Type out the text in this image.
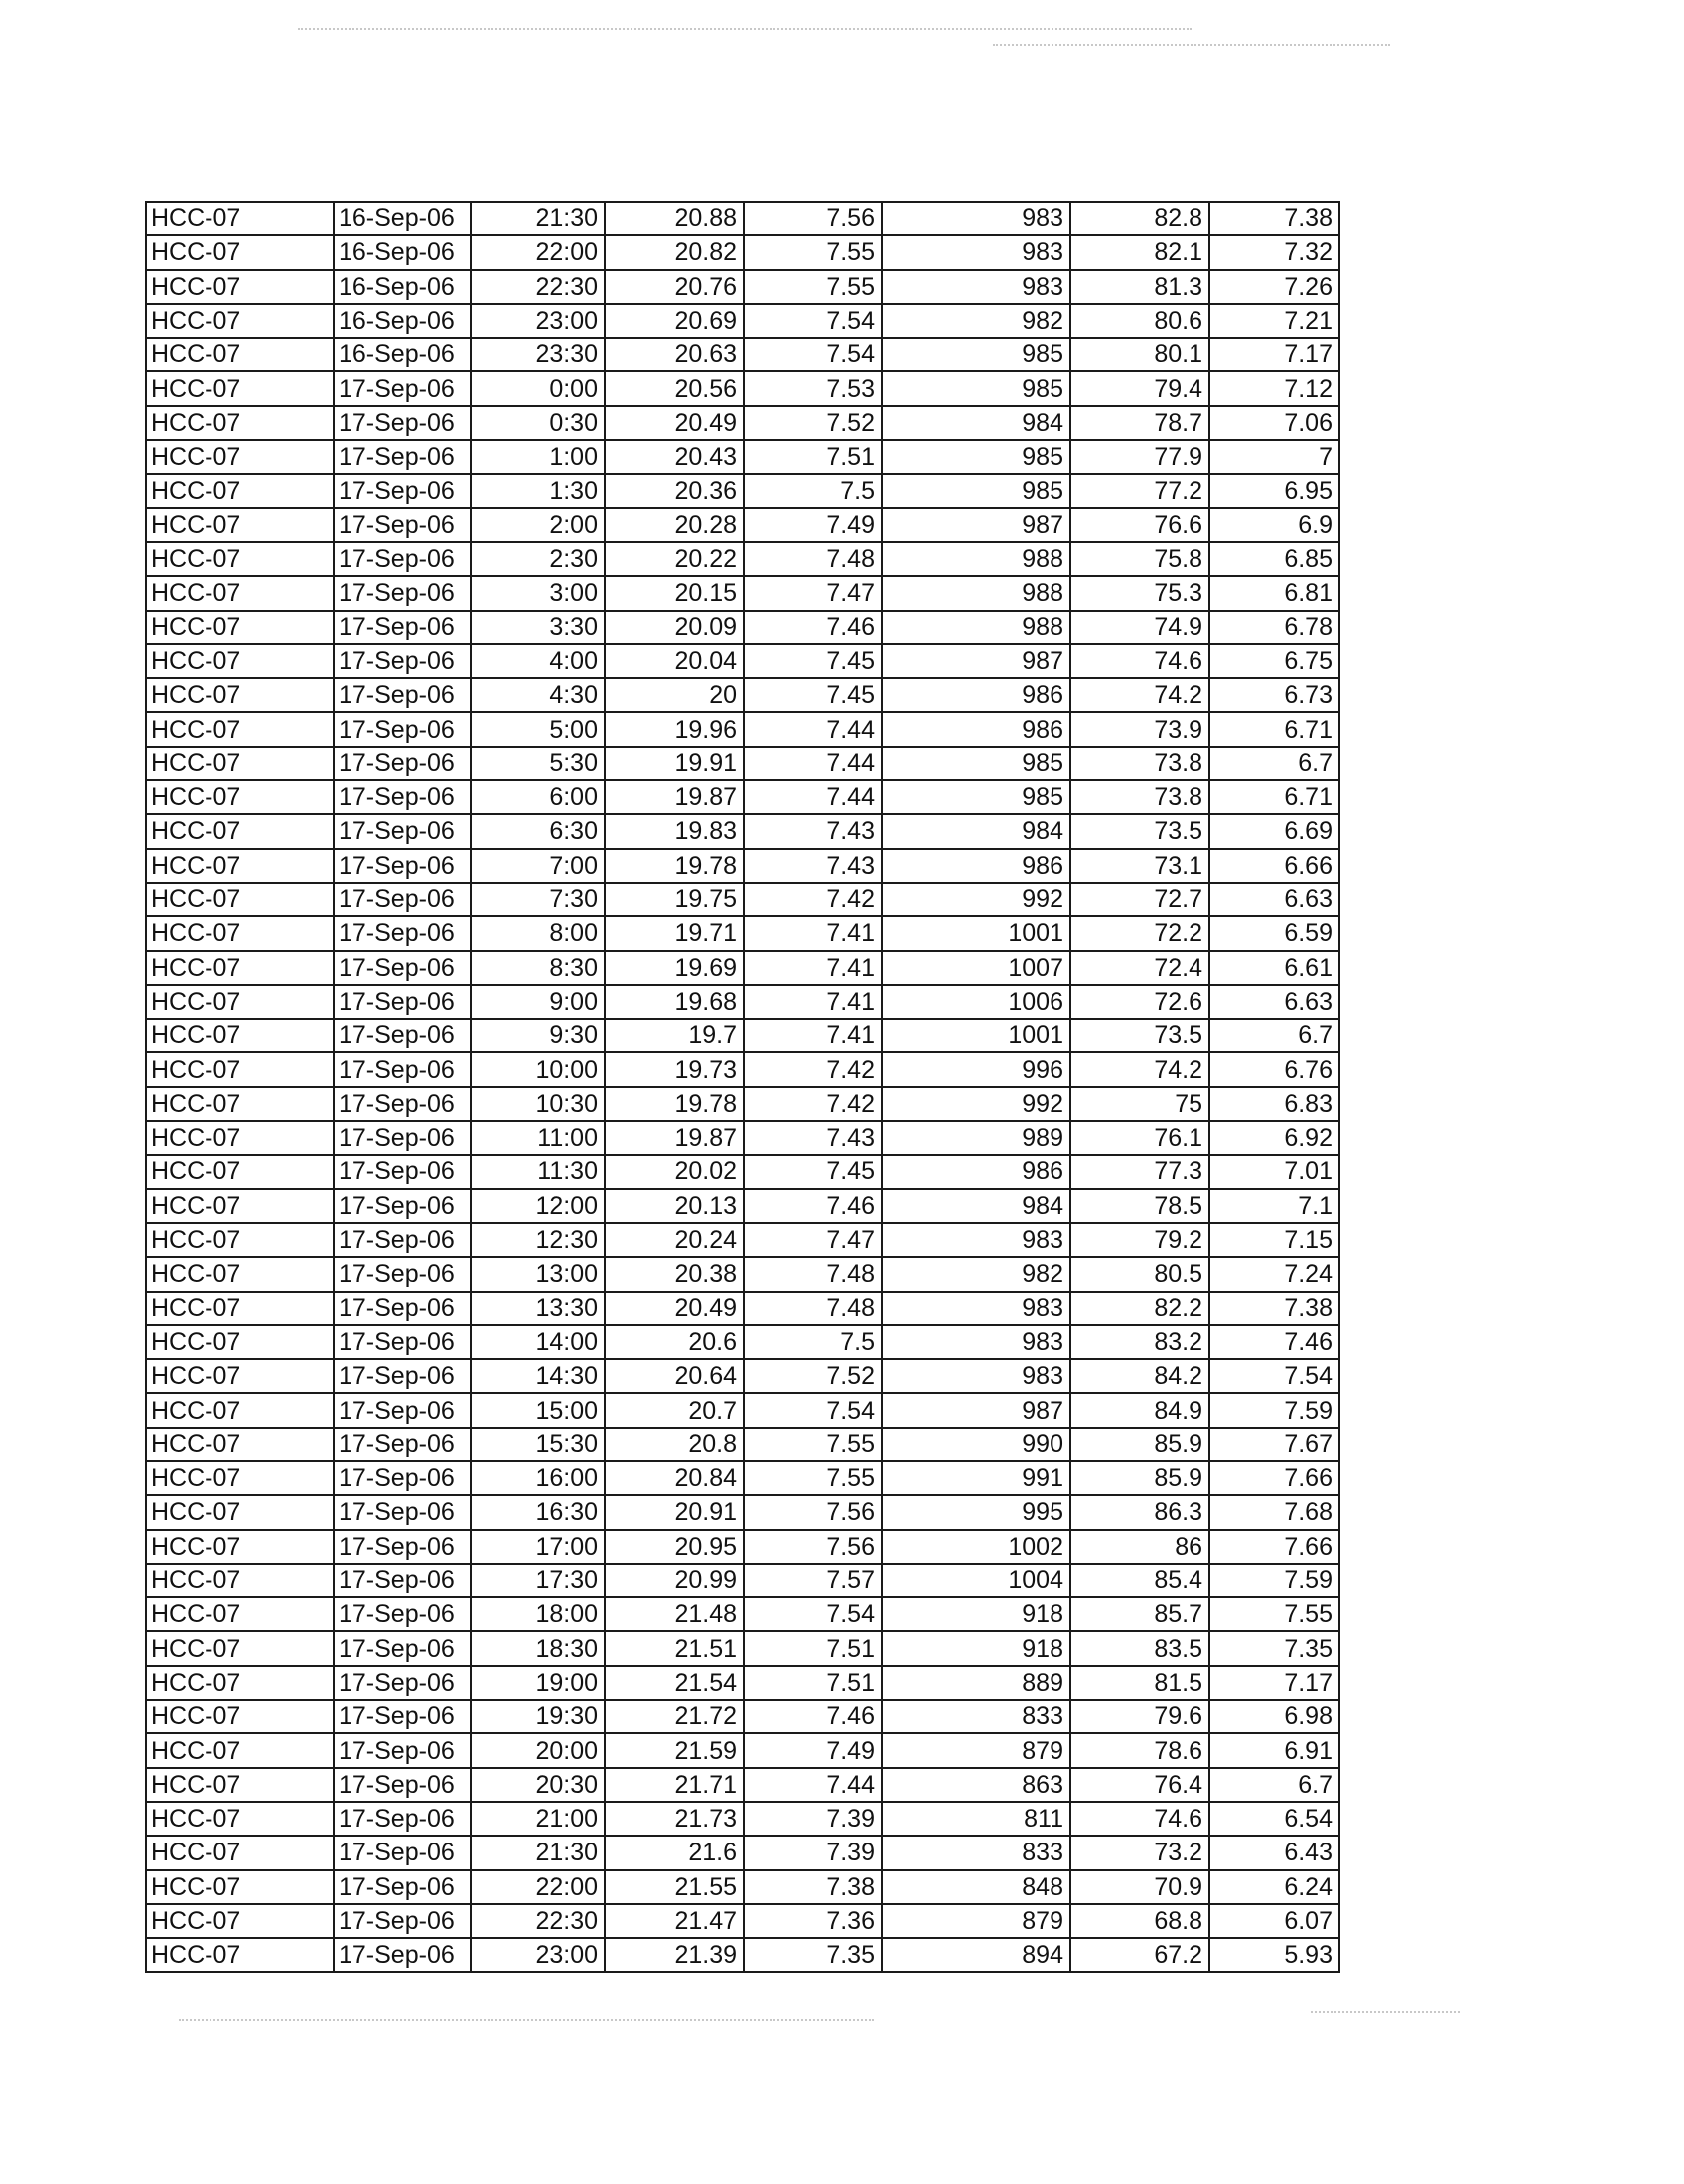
HCC-07	16-Sep-06	21:30	20.88	7.56	983	82.8	7.38
HCC-07	16-Sep-06	22:00	20.82	7.55	983	82.1	7.32
HCC-07	16-Sep-06	22:30	20.76	7.55	983	81.3	7.26
HCC-07	16-Sep-06	23:00	20.69	7.54	982	80.6	7.21
HCC-07	16-Sep-06	23:30	20.63	7.54	985	80.1	7.17
HCC-07	17-Sep-06	0:00	20.56	7.53	985	79.4	7.12
HCC-07	17-Sep-06	0:30	20.49	7.52	984	78.7	7.06
HCC-07	17-Sep-06	1:00	20.43	7.51	985	77.9	7
HCC-07	17-Sep-06	1:30	20.36	7.5	985	77.2	6.95
HCC-07	17-Sep-06	2:00	20.28	7.49	987	76.6	6.9
HCC-07	17-Sep-06	2:30	20.22	7.48	988	75.8	6.85
HCC-07	17-Sep-06	3:00	20.15	7.47	988	75.3	6.81
HCC-07	17-Sep-06	3:30	20.09	7.46	988	74.9	6.78
HCC-07	17-Sep-06	4:00	20.04	7.45	987	74.6	6.75
HCC-07	17-Sep-06	4:30	20	7.45	986	74.2	6.73
HCC-07	17-Sep-06	5:00	19.96	7.44	986	73.9	6.71
HCC-07	17-Sep-06	5:30	19.91	7.44	985	73.8	6.7
HCC-07	17-Sep-06	6:00	19.87	7.44	985	73.8	6.71
HCC-07	17-Sep-06	6:30	19.83	7.43	984	73.5	6.69
HCC-07	17-Sep-06	7:00	19.78	7.43	986	73.1	6.66
HCC-07	17-Sep-06	7:30	19.75	7.42	992	72.7	6.63
HCC-07	17-Sep-06	8:00	19.71	7.41	1001	72.2	6.59
HCC-07	17-Sep-06	8:30	19.69	7.41	1007	72.4	6.61
HCC-07	17-Sep-06	9:00	19.68	7.41	1006	72.6	6.63
HCC-07	17-Sep-06	9:30	19.7	7.41	1001	73.5	6.7
HCC-07	17-Sep-06	10:00	19.73	7.42	996	74.2	6.76
HCC-07	17-Sep-06	10:30	19.78	7.42	992	75	6.83
HCC-07	17-Sep-06	11:00	19.87	7.43	989	76.1	6.92
HCC-07	17-Sep-06	11:30	20.02	7.45	986	77.3	7.01
HCC-07	17-Sep-06	12:00	20.13	7.46	984	78.5	7.1
HCC-07	17-Sep-06	12:30	20.24	7.47	983	79.2	7.15
HCC-07	17-Sep-06	13:00	20.38	7.48	982	80.5	7.24
HCC-07	17-Sep-06	13:30	20.49	7.48	983	82.2	7.38
HCC-07	17-Sep-06	14:00	20.6	7.5	983	83.2	7.46
HCC-07	17-Sep-06	14:30	20.64	7.52	983	84.2	7.54
HCC-07	17-Sep-06	15:00	20.7	7.54	987	84.9	7.59
HCC-07	17-Sep-06	15:30	20.8	7.55	990	85.9	7.67
HCC-07	17-Sep-06	16:00	20.84	7.55	991	85.9	7.66
HCC-07	17-Sep-06	16:30	20.91	7.56	995	86.3	7.68
HCC-07	17-Sep-06	17:00	20.95	7.56	1002	86	7.66
HCC-07	17-Sep-06	17:30	20.99	7.57	1004	85.4	7.59
HCC-07	17-Sep-06	18:00	21.48	7.54	918	85.7	7.55
HCC-07	17-Sep-06	18:30	21.51	7.51	918	83.5	7.35
HCC-07	17-Sep-06	19:00	21.54	7.51	889	81.5	7.17
HCC-07	17-Sep-06	19:30	21.72	7.46	833	79.6	6.98
HCC-07	17-Sep-06	20:00	21.59	7.49	879	78.6	6.91
HCC-07	17-Sep-06	20:30	21.71	7.44	863	76.4	6.7
HCC-07	17-Sep-06	21:00	21.73	7.39	811	74.6	6.54
HCC-07	17-Sep-06	21:30	21.6	7.39	833	73.2	6.43
HCC-07	17-Sep-06	22:00	21.55	7.38	848	70.9	6.24
HCC-07	17-Sep-06	22:30	21.47	7.36	879	68.8	6.07
HCC-07	17-Sep-06	23:00	21.39	7.35	894	67.2	5.93
